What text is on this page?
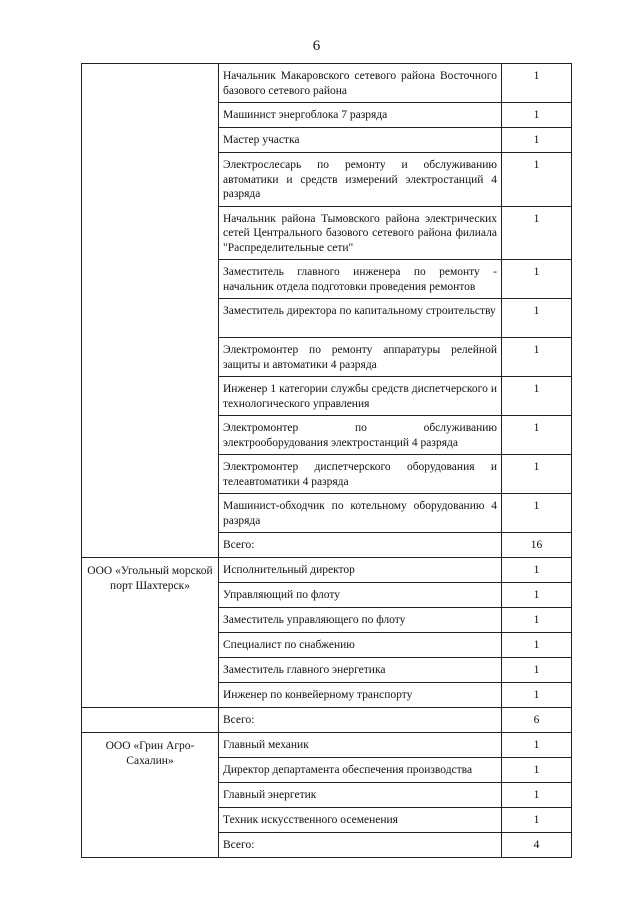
6
	Начальник Макаровского сетевого района Восточного базового сетевого района	1
	Машинист энергоблока 7 разряда	1
	Мастер участка	1
	Электрослесарь по ремонту и обслуживанию автоматики и средств измерений электростанций 4 разряда	1
	Начальник района Тымовского района электрических сетей Центрального базового сетевого района филиала "Распределительные сети"	1
	Заместитель главного инженера по ремонту - начальник отдела подготовки проведения ремонтов	1
	Заместитель директора по капитальному строительству	1
	Электромонтер по ремонту аппаратуры релейной защиты и автоматики 4 разряда	1
	Инженер 1 категории службы средств диспетчерского и технологического управления	1
	Электромонтер по обслуживанию электрооборудования электростанций 4 разряда	1
	Электромонтер диспетчерского оборудования и телеавтоматики 4 разряда	1
	Машинист-обходчик по котельному оборудованию 4 разряда	1
	Всего:	16
ООО «Угольный морской порт Шахтерск»	Исполнительный директор	1
	Управляющий по флоту	1
	Заместитель управляющего по флоту	1
	Специалист по снабжению	1
	Заместитель главного энергетика	1
	Инженер по конвейерному транспорту	1
	Всего:	6
ООО «Грин Агро-Сахалин»	Главный механик	1
	Директор департамента обеспечения производства	1
	Главный энергетик	1
	Техник искусственного осеменения	1
	Всего:	4
